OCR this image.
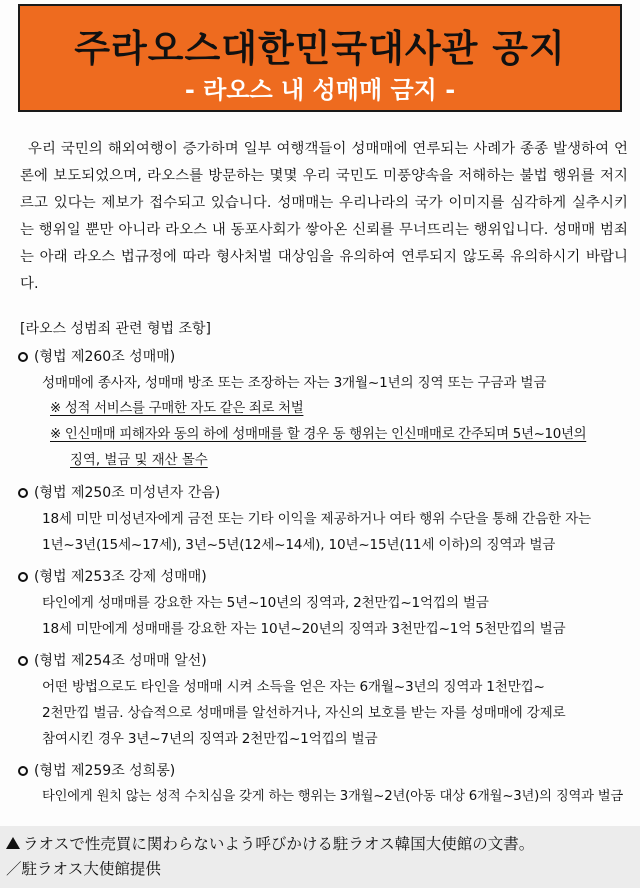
주라오스대한민국대사관 공지
- 라오스 내 성매매 금지 -

우리 국민의 해외여행이 증가하며 일부 여행객들이 성매매에 연루되는 사례가 종종 발생하여 언론에 보도되었으며, 라오스를 방문하는 몇몇 우리 국민도 미풍양속을 저해하는 불법 행위를 저지르고 있다는 제보가 접수되고 있습니다. 성매매는 우리나라의 국가 이미지를 심각하게 실추시키는 행위일 뿐만 아니라 라오스 내 동포사회가 쌓아온 신뢰를 무너뜨리는 행위입니다. 성매매 범죄는 아래 라오스 법규정에 따라 형사처벌 대상임을 유의하여 연루되지 않도록 유의하시기 바랍니다.

[라오스 성범죄 관련 형법 조항]
(형법 제260조 성매매)
성매매에 종사자, 성매매 방조 또는 조장하는 자는 3개월~1년의 징역 또는 구금과 벌금
※ 성적 서비스를 구매한 자도 같은 죄로 처벌
※ 인신매매 피해자와 동의 하에 성매매를 할 경우 동 행위는 인신매매로 간주되며 5년~10년의
징역, 벌금 및 재산 몰수
(형법 제250조 미성년자 간음)
18세 미만 미성년자에게 금전 또는 기타 이익을 제공하거나 여타 행위 수단을 통해 간음한 자는
1년~3년(15세~17세), 3년~5년(12세~14세), 10년~15년(11세 이하)의 징역과 벌금
(형법 제253조 강제 성매매)
타인에게 성매매를 강요한 자는 5년~10년의 징역과, 2천만낍~1억낍의 벌금
18세 미만에게 성매매를 강요한 자는 10년~20년의 징역과 3천만낍~1억 5천만낍의 벌금
(형법 제254조 성매매 알선)
어떤 방법으로도 타인을 성매매 시켜 소득을 얻은 자는 6개월~3년의 징역과 1천만낍~
2천만낍 벌금. 상습적으로 성매매를 알선하거나, 자신의 보호를 받는 자를 성매매에 강제로
참여시킨 경우 3년~7년의 징역과 2천만낍~1억낍의 벌금
(형법 제259조 성희롱)
타인에게 원치 않는 성적 수치심을 갖게 하는 행위는 3개월~2년(아동 대상 6개월~3년)의 징역과 벌금
ラオスで性売買に関わらないよう呼びかける駐ラオス韓国大使館の文書。
／駐ラオス大使館提供
